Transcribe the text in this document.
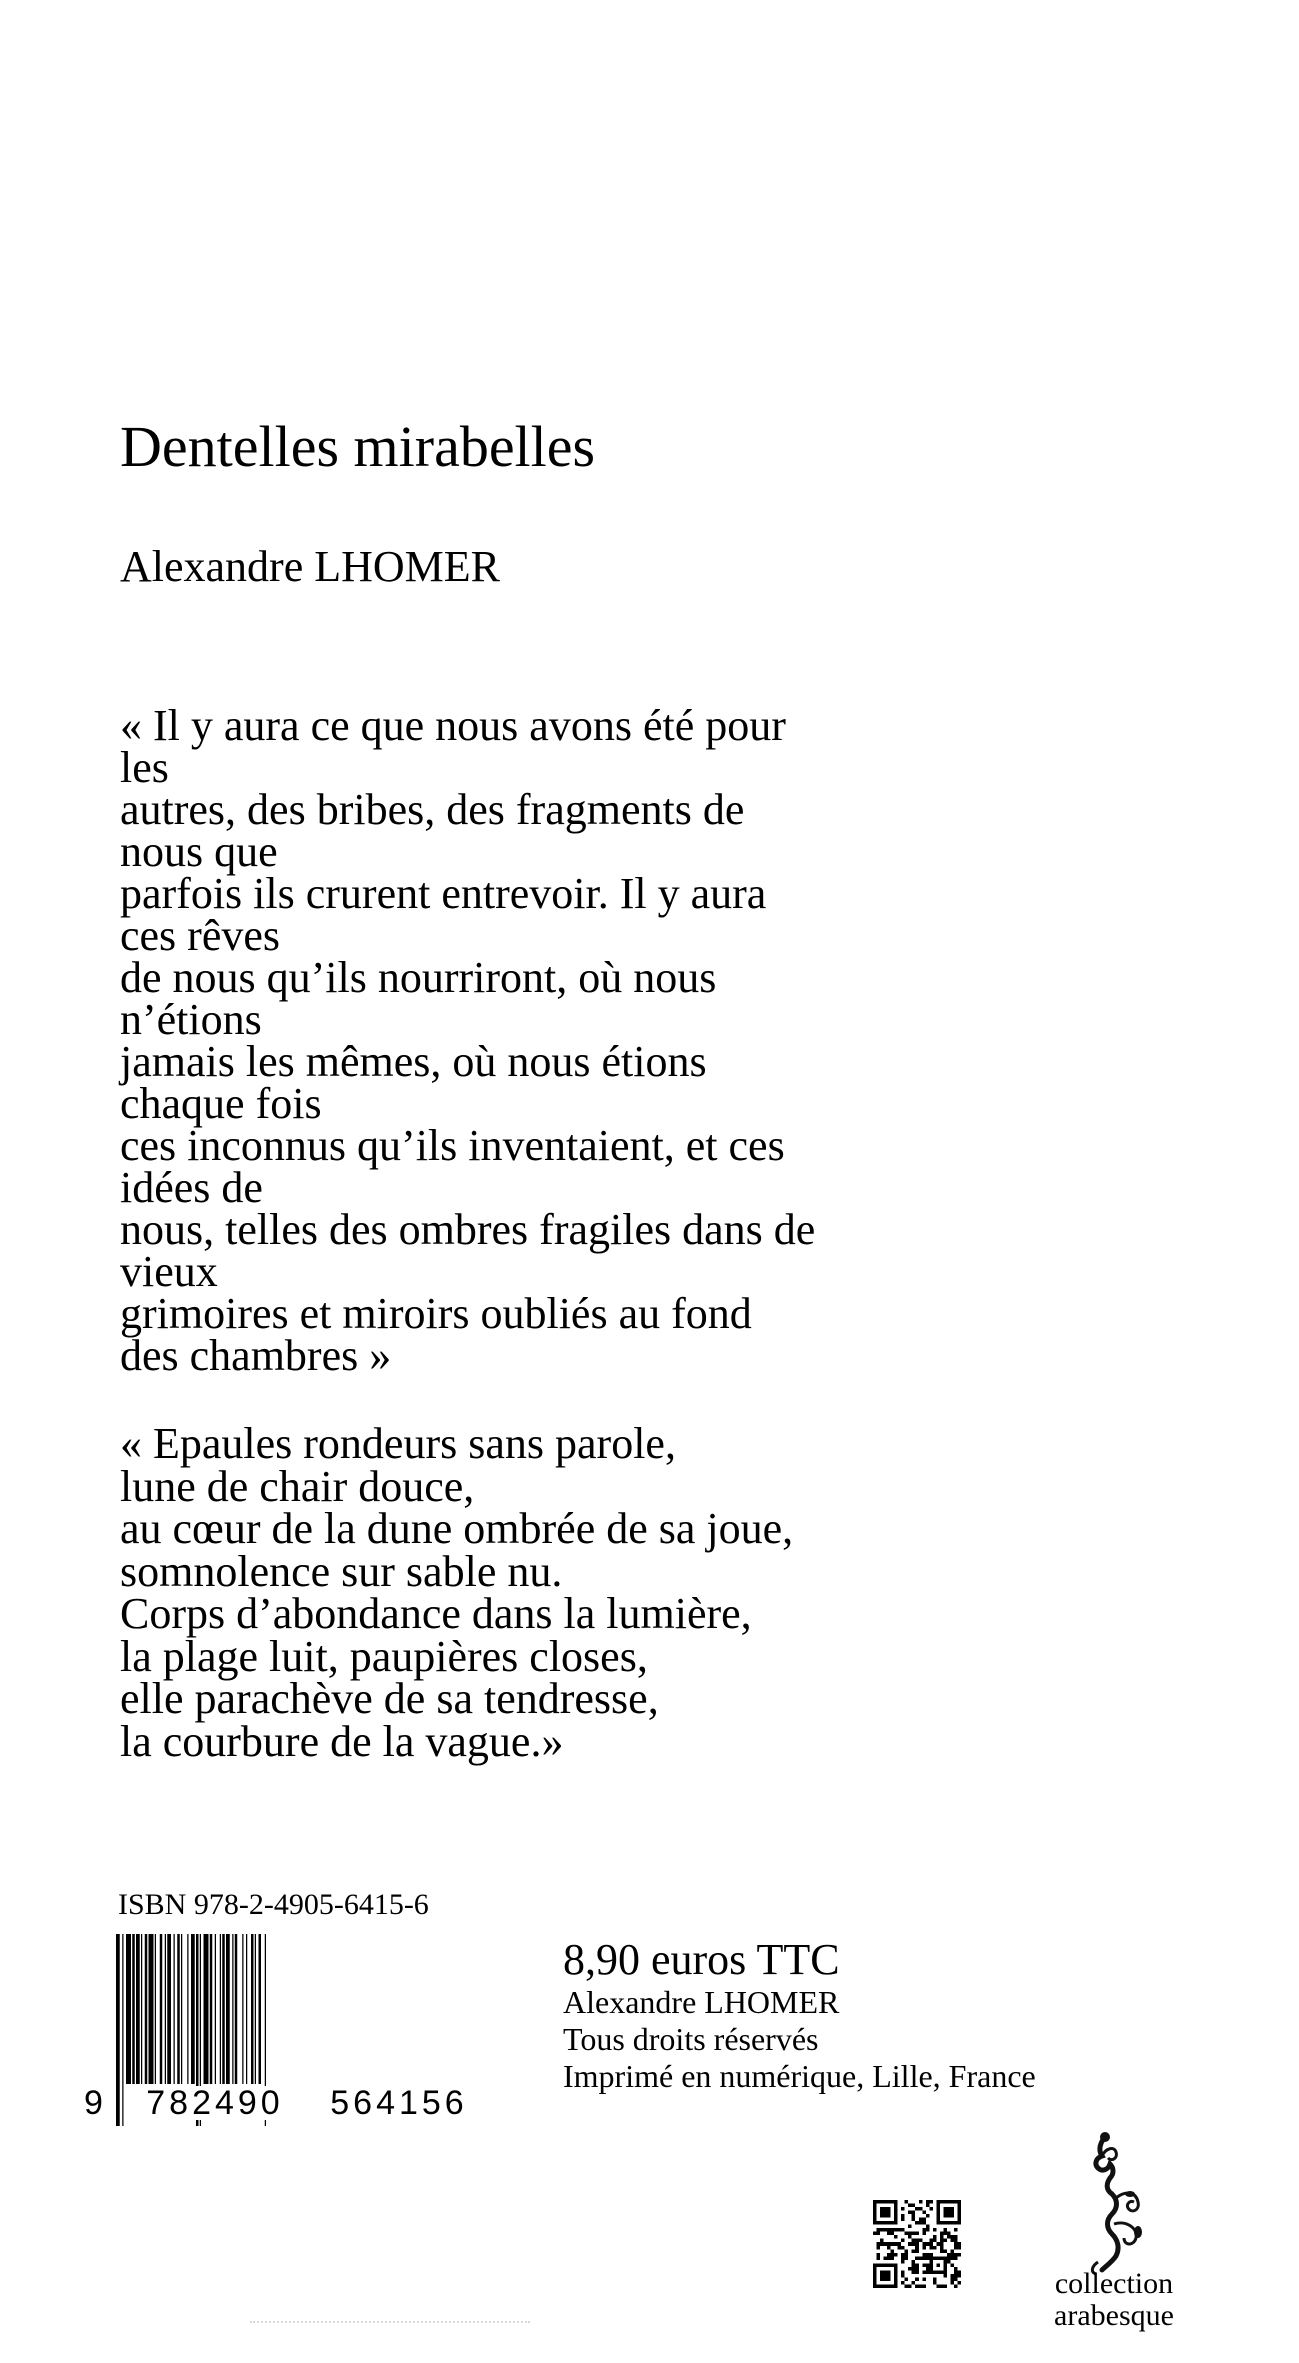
Dentelles mirabelles
Alexandre LHOMER
« Il y aura ce que nous avons été pour
les
autres, des bribes, des fragments de
nous que
parfois ils crurent entrevoir. Il y aura
ces rêves
de nous qu’ils nourriront, où nous
n’étions
jamais les mêmes, où nous étions
chaque fois
ces inconnus qu’ils inventaient, et ces
idées de
nous, telles des ombres fragiles dans de
vieux
grimoires et miroirs oubliés au fond
des chambres »
« Epaules rondeurs sans parole,
lune de chair douce,
au cœur de la dune ombrée de sa joue,
somnolence sur sable nu.
Corps d’abondance dans la lumière,
la plage luit, paupières closes,
elle parachève de sa tendresse,
la courbure de la vague.»
ISBN 978-2-4905-6415-6
9	782490	564156
8,90 euros TTC
Alexandre LHOMER
Tous droits réservés
Imprimé en numérique, Lille, France
collection
arabesque
